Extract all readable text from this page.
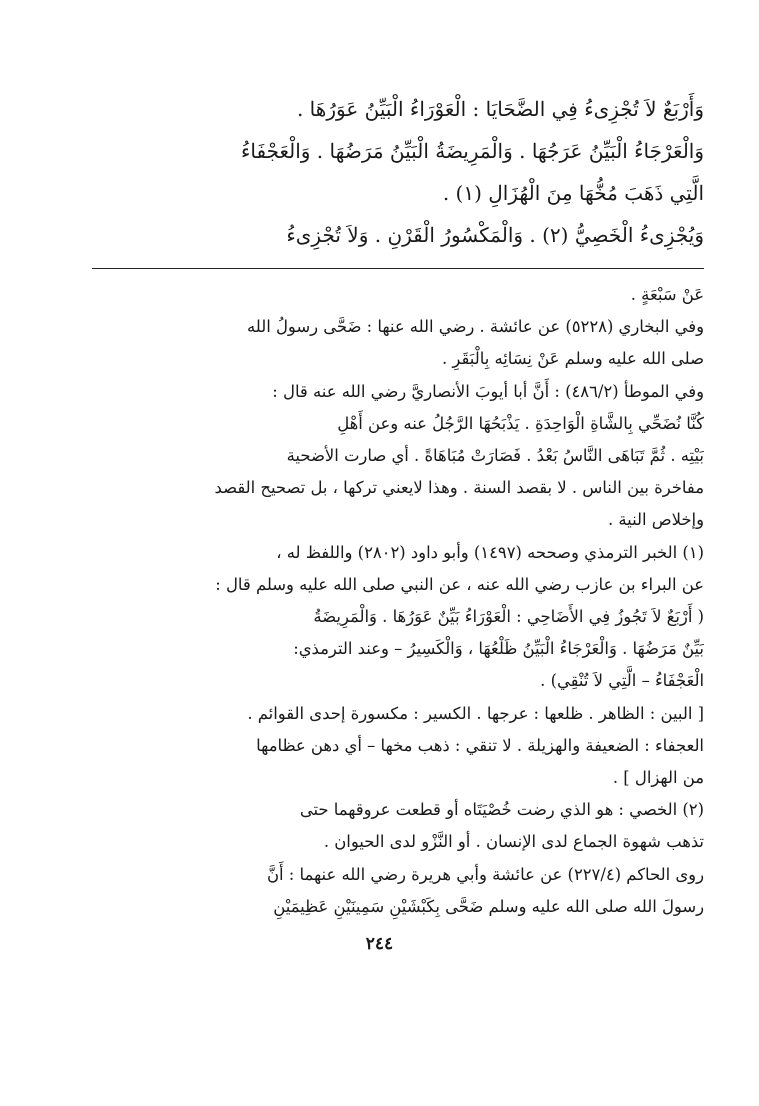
وَأَرْبَعٌ لاَ تُجْزِىءُ فِي الضَّحَايَا : الْعَوْرَاءُ الْبَيِّنُ عَوَرُهَا .

وَالْعَرْجَاءُ الْبَيِّنُ عَرَجُهَا . وَالْمَرِيضَةُ الْبَيِّنُ مَرَضُهَا . وَالْعَجْفَاءُ

الَّتِي ذَهَبَ مُخُّهَا مِنَ الْهُزَالِ (١) .

وَيُجْزِىءُ الْخَصِيُّ (٢) . وَالْمَكْسُورُ الْقَرْنِ . وَلاَ تُجْزِىءُ

عَنْ سَبْعَةٍ .

وفي البخاري (٥٢٢٨) عن عائشة . رضي الله عنها : ضَحَّى رسولُ الله

صلى الله عليه وسلم عَنْ نِسَائِه بِالْبَقَرِ .

وفي الموطأ (٤٨٦/٢) : أَنَّ أبا أيوبَ الأنصاريَّ رضي الله عنه قال :

كُنَّا نُضَحِّي بِالشَّاةِ الْوَاحِدَةِ . يَذْبَحُهَا الرَّجُلُ عنه وعن أَهْلِ

بَيْتِه . ثُمَّ تَبَاهَى النَّاسُ بَعْدُ . فَصَارَتْ مُبَاهَاةً . أي صارت الأضحية

مفاخرة بين الناس . لا بقصد السنة . وهذا لايعني تركها ، بل تصحيح القصد

وإخلاص النية .

(١) الخبر الترمذي وصححه (١٤٩٧) وأبو داود (٢٨٠٢) واللفظ له ،

عن البراء بن عازب رضي الله عنه ، عن النبي صلى الله عليه وسلم قال :

( أَرْبَعٌ لاَ تَجُوزُ فِي الأَضَاحِي : الْعَوْرَاءُ بَيِّنٌ عَوَرُهَا . وَالْمَرِيضَةُ

بَيِّنٌ مَرَضُهَا . وَالْعَرْجَاءُ الْبَيِّنُ ظَلْعُهَا ، وَالْكَسِيرُ – وعند الترمذي:

الْعَجْفَاءُ – الَّتِي لاَ تُنْقِي) .

[ البين : الظاهر . ظلعها : عرجها . الكسير : مكسورة إحدى القوائم .

العجفاء : الضعيفة والهزيلة . لا تنقي : ذهب مخها – أي دهن عظامها

من الهزال ] .

(٢) الخصي : هو الذي رضت خُصْيَتَاه أو قطعت عروقهما حتى

تذهب شهوة الجماع لدى الإنسان . أو النَّزْو لدى الحيوان .

روى الحاكم (٢٢٧/٤) عن عائشة وأبي هريرة رضي الله عنهما : أَنَّ

رسولَ الله صلى الله عليه وسلم ضَحَّى بِكَبْشَيْنِ سَمِينَيْنِ عَظِيمَيْنِ

٢٤٤
